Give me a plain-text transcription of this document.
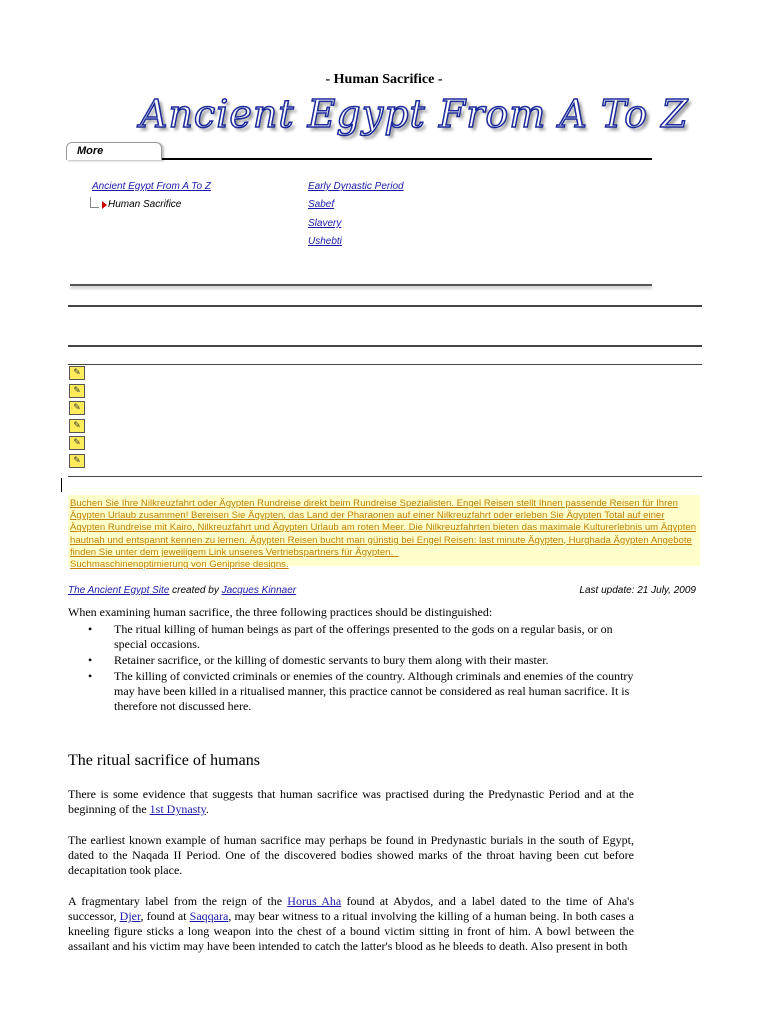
- Human Sacrifice -
Ancient Egypt From A To Z
More
Ancient Egypt From A To Z
Human Sacrifice
Early Dynastic Period
Sabef
Slavery
Ushebti
✎
✎
✎
✎
✎
✎
Buchen Sie Ihre Nilkreuzfahrt oder Ägypten Rundreise direkt beim Rundreise Spezialisten. Engel Reisen stellt Ihnen passende Reisen für Ihren Ägypten Urlaub zusammen! Bereisen Sie Ägypten, das Land der Pharaonen auf einer Nilkreuzfahrt oder erleben Sie Ägypten Total auf einer Ägypten Rundreise mit Kairo, Nilkreuzfahrt und Ägypten Urlaub am roten Meer. Die Nilkreuzfahrten bieten das maximale Kulturerlebnis um Ägypten hautnah und entspannt kennen zu lernen. Ägypten Reisen bucht man günstig bei Engel Reisen: last minute Ägypten, Hurghada Ägypten Angebote finden Sie unter dem jeweiligem Link unseres Vertriebspartners für Ägypten.
Suchmaschinenoptimierung von Geniprise designs.
The Ancient Egypt Site created by Jacques Kinnaer	Last update: 21 July, 2009
When examining human sacrifice, the three following practices should be distinguished:
• The ritual killing of human beings as part of the offerings presented to the gods on a regular basis, or on special occasions.
• Retainer sacrifice, or the killing of domestic servants to bury them along with their master.
• The killing of convicted criminals or enemies of the country. Although criminals and enemies of the country may have been killed in a ritualised manner, this practice cannot be considered as real human sacrifice. It is therefore not discussed here.
The ritual sacrifice of humans
There is some evidence that suggests that human sacrifice was practised during the Predynastic Period and at the beginning of the 1st Dynasty.
The earliest known example of human sacrifice may perhaps be found in Predynastic burials in the south of Egypt, dated to the Naqada II Period. One of the discovered bodies showed marks of the throat having been cut before decapitation took place.
A fragmentary label from the reign of the Horus Aha found at Abydos, and a label dated to the time of Aha's successor, Djer, found at Saqqara, may bear witness to a ritual involving the killing of a human being. In both cases a kneeling figure sticks a long weapon into the chest of a bound victim sitting in front of him. A bowl between the assailant and his victim may have been intended to catch the latter's blood as he bleeds to death. Also present in both
